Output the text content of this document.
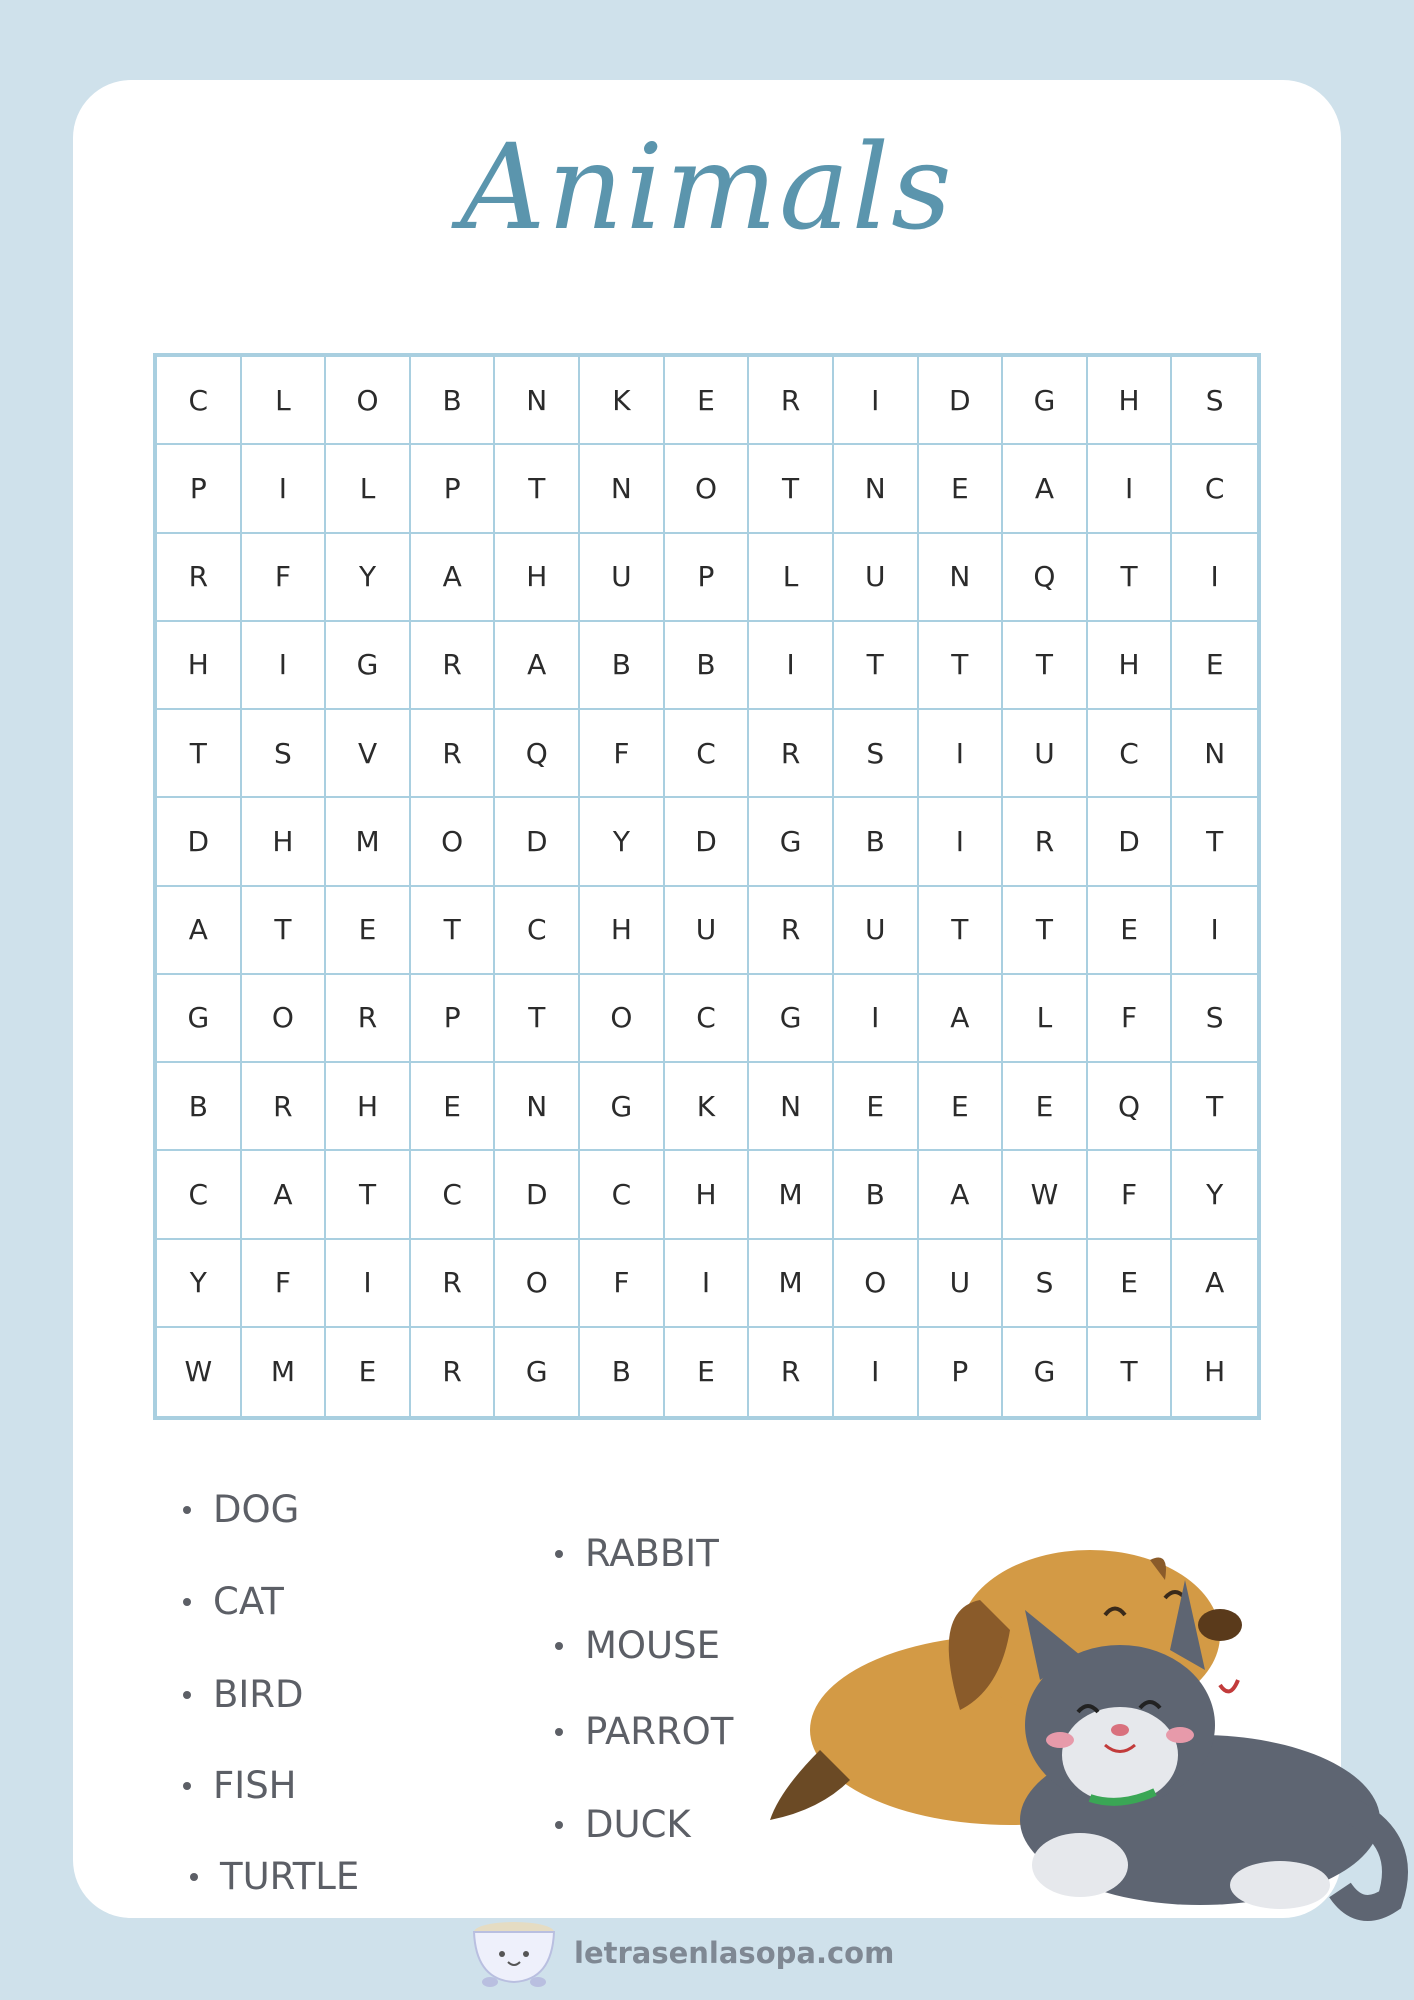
Animals
C	L	O	B	N	K	E	R	I	D	G	H	S
P	I	L	P	T	N	O	T	N	E	A	I	C
R	F	Y	A	H	U	P	L	U	N	Q	T	I
H	I	G	R	A	B	B	I	T	T	T	H	E
T	S	V	R	Q	F	C	R	S	I	U	C	N
D	H	M	O	D	Y	D	G	B	I	R	D	T
A	T	E	T	C	H	U	R	U	T	T	E	I
G	O	R	P	T	O	C	G	I	A	L	F	S
B	R	H	E	N	G	K	N	E	E	E	Q	T
C	A	T	C	D	C	H	M	B	A	W	F	Y
Y	F	I	R	O	F	I	M	O	U	S	E	A
W	M	E	R	G	B	E	R	I	P	G	T	H
DOG
CAT
BIRD
FISH
TURTLE
RABBIT
MOUSE
PARROT
DUCK
letrasenlasopa.com
